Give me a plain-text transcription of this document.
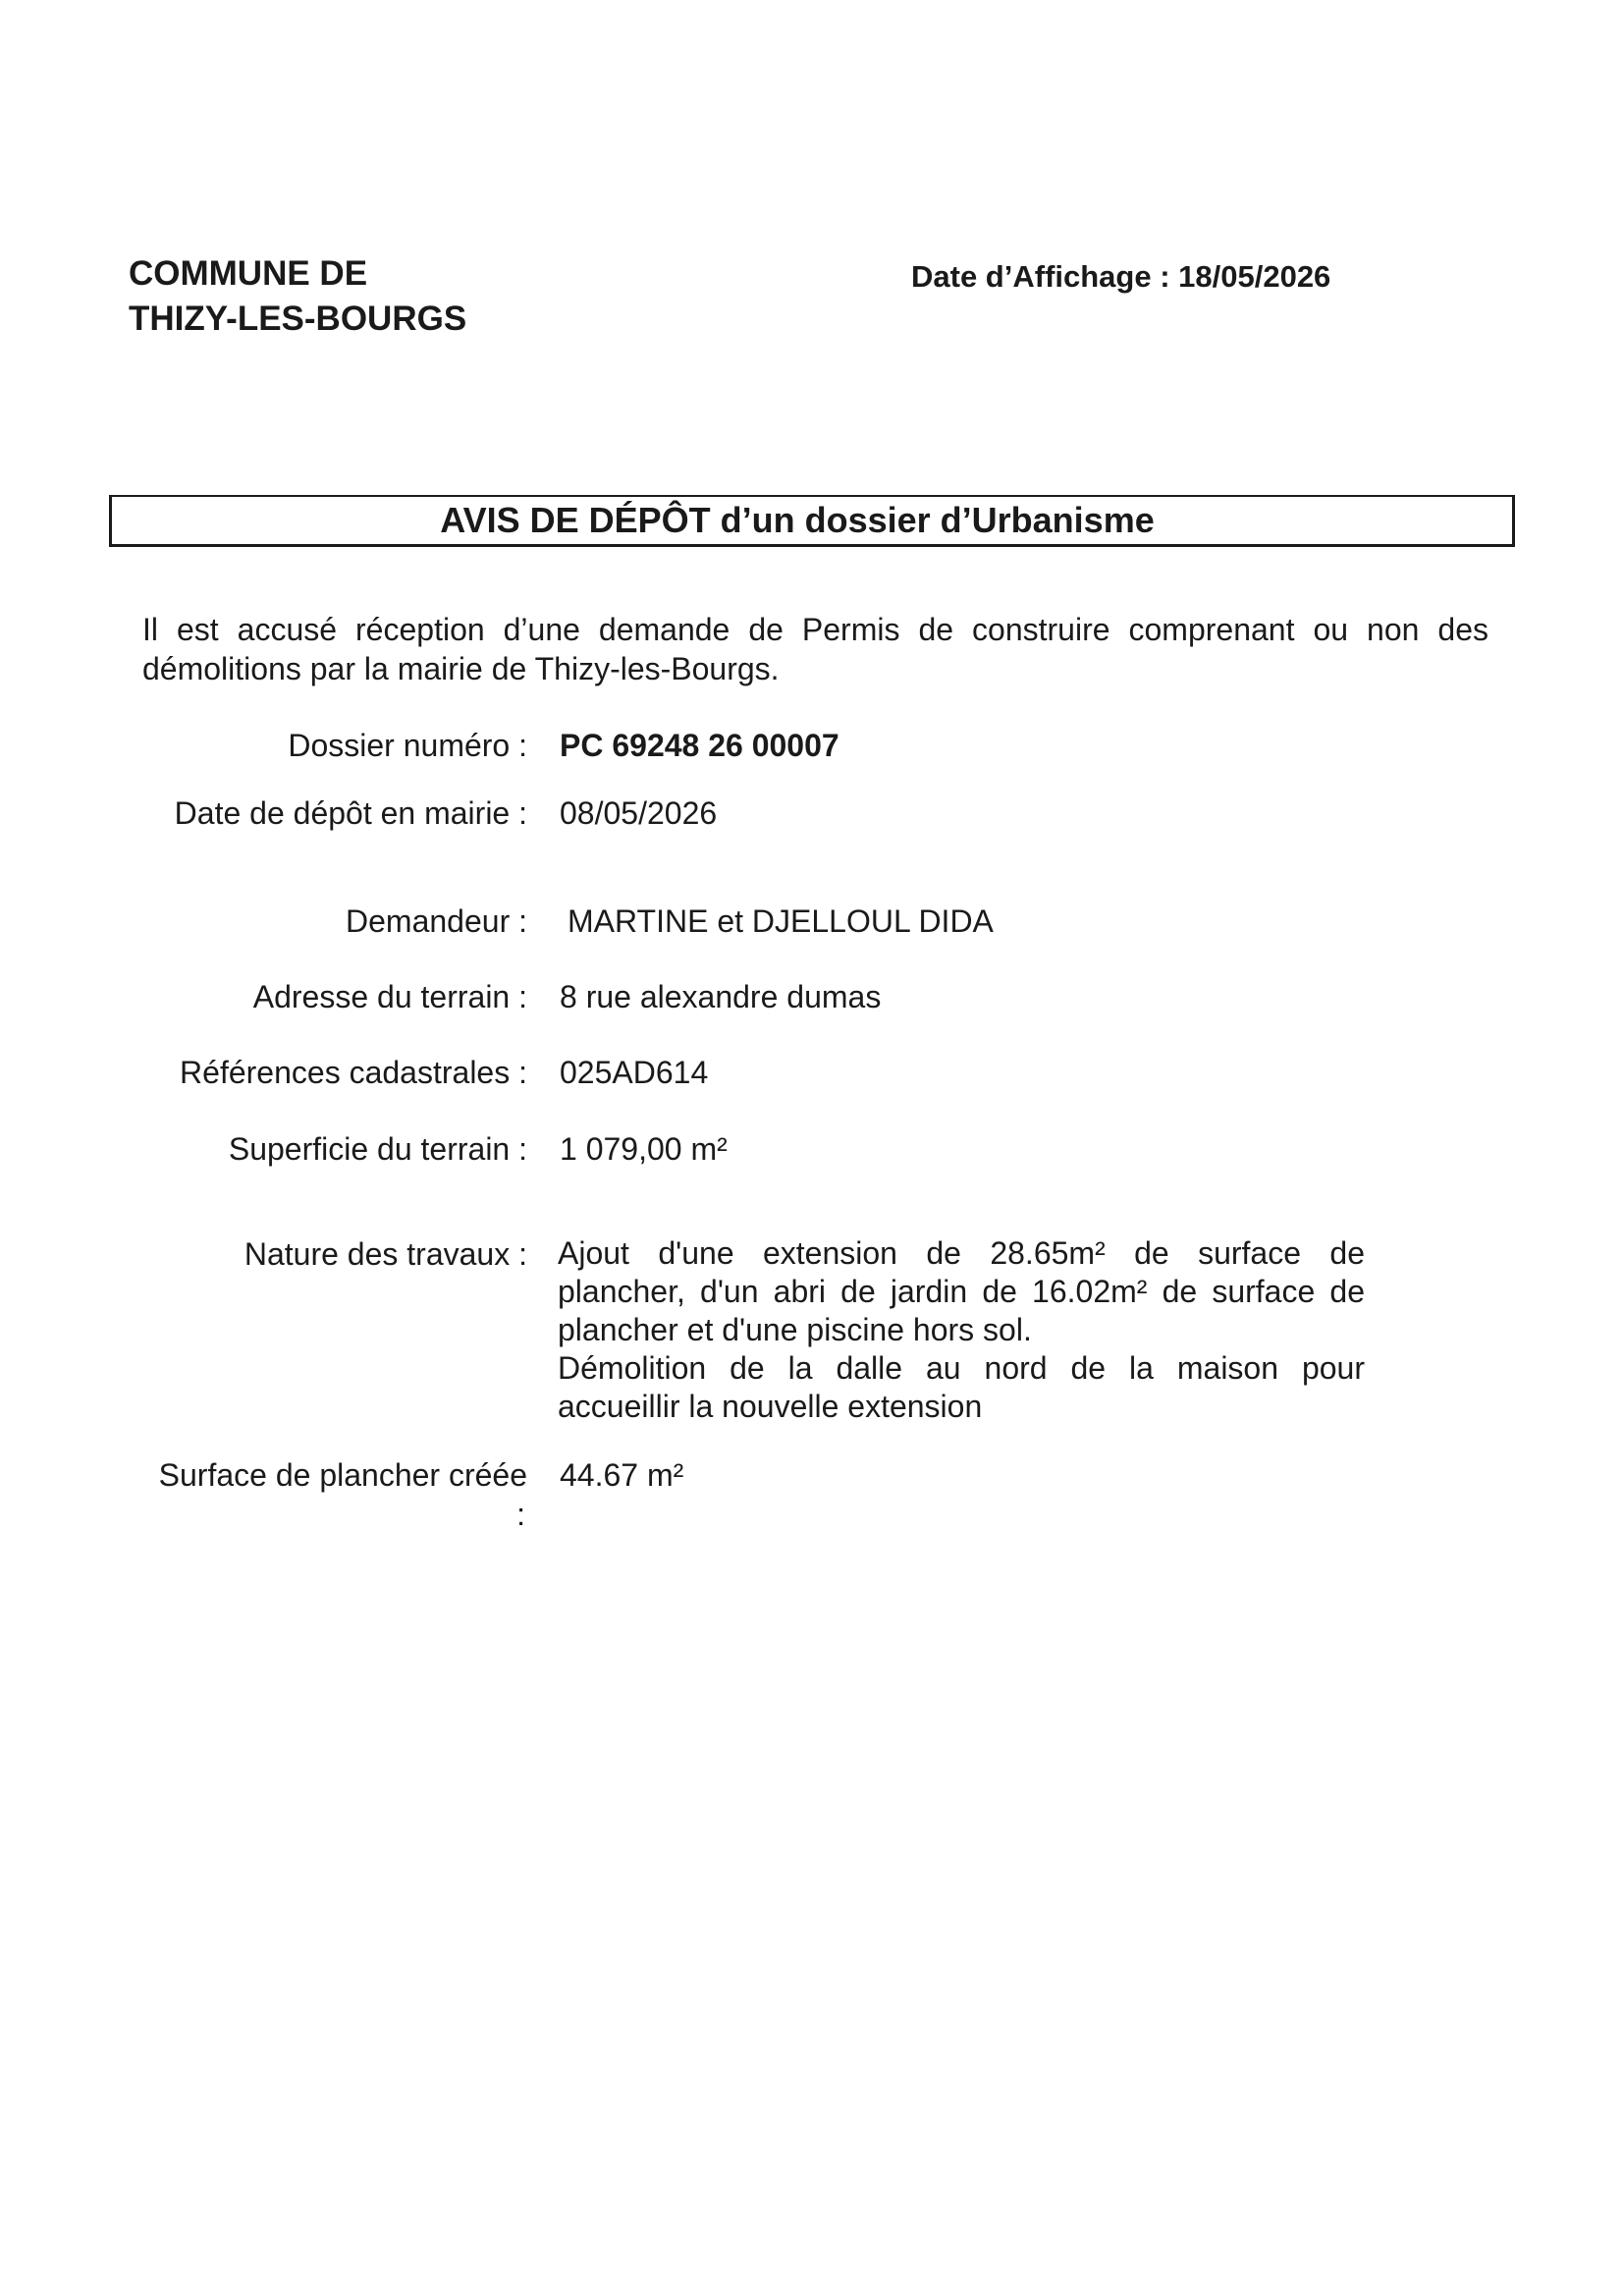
COMMUNE DE
THIZY-LES-BOURGS
Date d’Affichage : 18/05/2026
AVIS DE DÉPÔT d’un dossier d’Urbanisme
Il est accusé réception d’une demande de Permis de construire comprenant ou non des
démolitions par la mairie de Thizy-les-Bourgs.
Dossier numéro : PC 69248 26 00007
Date de dépôt en mairie : 08/05/2026
Demandeur : MARTINE et DJELLOUL DIDA
Adresse du terrain : 8 rue alexandre dumas
Références cadastrales : 025AD614
Superficie du terrain : 1 079,00 m²
Nature des travaux : Ajout d'une extension de 28.65m² de surface de
plancher, d'un abri de jardin de 16.02m² de surface de
plancher et d'une piscine hors sol.
Démolition de la dalle au nord de la maison pour
accueillir la nouvelle extension
Surface de plancher créée
:
44.67 m²
